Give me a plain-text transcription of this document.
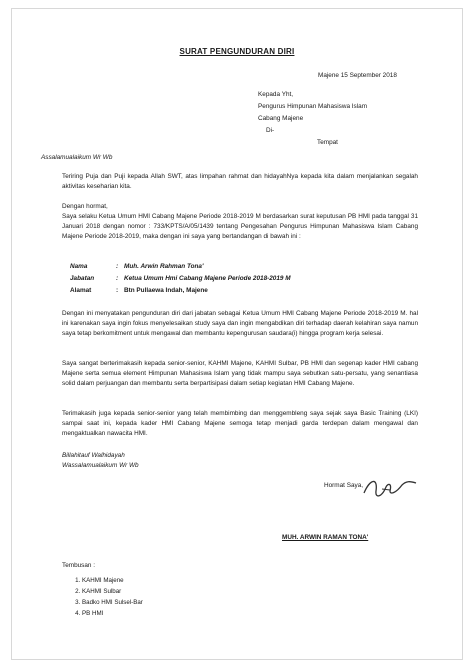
SURAT PENGUNDURAN DIRI
Majene 15 September 2018
Kepada Yht,
Pengurus Himpunan Mahasiswa Islam
Cabang Majene
Di-
Tempat
Assalamualaikum Wr Wb

Teriring Puja dan Puji kepada Allah SWT, atas limpahan rahmat dan hidayahNya kepada kita dalam menjalankan segalah aktivitas keseharian kita.

Dengan hormat,

Saya selaku Ketua Umum HMI Cabang Majene Periode 2018-2019 M berdasarkan surat keputusan PB HMI pada tanggal 31 Januari 2018 dengan nomor : 733/KPTS/A/05/1439 tentang Pengesahan Pengurus Himpunan Mahasiswa Islam Cabang Majene Periode 2018-2019, maka dengan ini saya yang bertandangan di bawah ini :

Nama	: Muh. Arwin Rahman Tona'
Jabatan	: Ketua Umum Hmi Cabang Majene Periode 2018-2019 M
Alamat	: Btn Pullaewa Indah, Majene

Dengan ini menyatakan pengunduran diri dari jabatan sebagai Ketua Umum HMI Cabang Majene Periode 2018-2019 M. hal ini karenakan saya ingin fokus menyelesaikan study saya dan ingin mengabdikan diri terhadap daerah kelahiran saya namun saya tetap berkomitment untuk mengawal dan membantu kepengurusan saudara(i) hingga program kerja selesai.

Saya sangat berterimakasih kepada senior-senior, KAHMI Majene, KAHMI Sulbar, PB HMI dan segenap kader HMI cabang Majene serta semua element Himpunan Mahasiswa Islam yang tidak mampu saya sebutkan satu-persatu, yang senantiasa solid dalam perjuangan dan membantu serta berpartisipasi dalam setiap kegiatan HMI Cabang Majene.

Terimakasih juga kepada senior-senior yang telah membimbing dan menggembleng saya sejak saya Basic Training (LKI) sampai saat ini, kepada kader HMI Cabang Majene semoga tetap menjadi garda terdepan dalam mengawal dan mengaktualkan nawacita HMI.

Billahitauf Walhidayah
Wassalamualaikum Wr Wb
Hormat Saya,
MUH. ARWIN RAMAN TONA'
Tembusan :
1. KAHMI Majene
2. KAHMI Sulbar
3. Badko HMI Sulsel-Bar
4. PB HMI
